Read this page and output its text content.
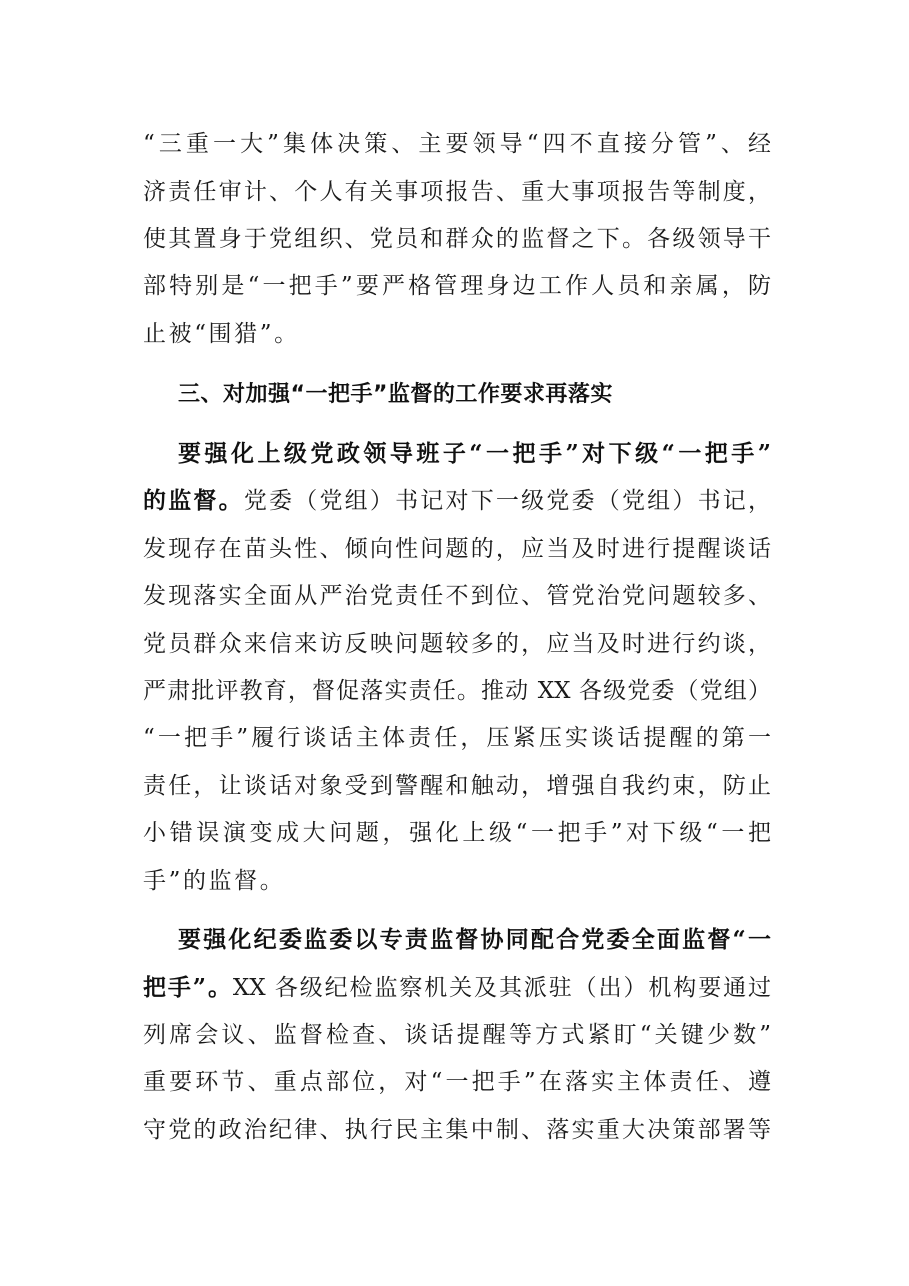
“三重一大”集体决策、主要领导“四不直接分管”、经
济责任审计、个人有关事项报告、重大事项报告等制度，
使其置身于党组织、党员和群众的监督之下。各级领导干
部特别是“一把手”要严格管理身边工作人员和亲属，防
止被“围猎”。
三、对加强“一把手”监督的工作要求再落实
要强化上级党政领导班子“一把手”对下级“一把手”
的监督。党委（党组）书记对下一级党委（党组）书记，
发现存在苗头性、倾向性问题的，应当及时进行提醒谈话
发现落实全面从严治党责任不到位、管党治党问题较多、
党员群众来信来访反映问题较多的，应当及时进行约谈，
严肃批评教育，督促落实责任。推动 XX 各级党委（党组）
“一把手”履行谈话主体责任，压紧压实谈话提醒的第一
责任，让谈话对象受到警醒和触动，增强自我约束，防止
小错误演变成大问题，强化上级“一把手”对下级“一把
手”的监督。
要强化纪委监委以专责监督协同配合党委全面监督“一
把手”。XX 各级纪检监察机关及其派驻（出）机构要通过
列席会议、监督检查、谈话提醒等方式紧盯“关键少数”
重要环节、重点部位，对“一把手”在落实主体责任、遵
守党的政治纪律、执行民主集中制、落实重大决策部署等
